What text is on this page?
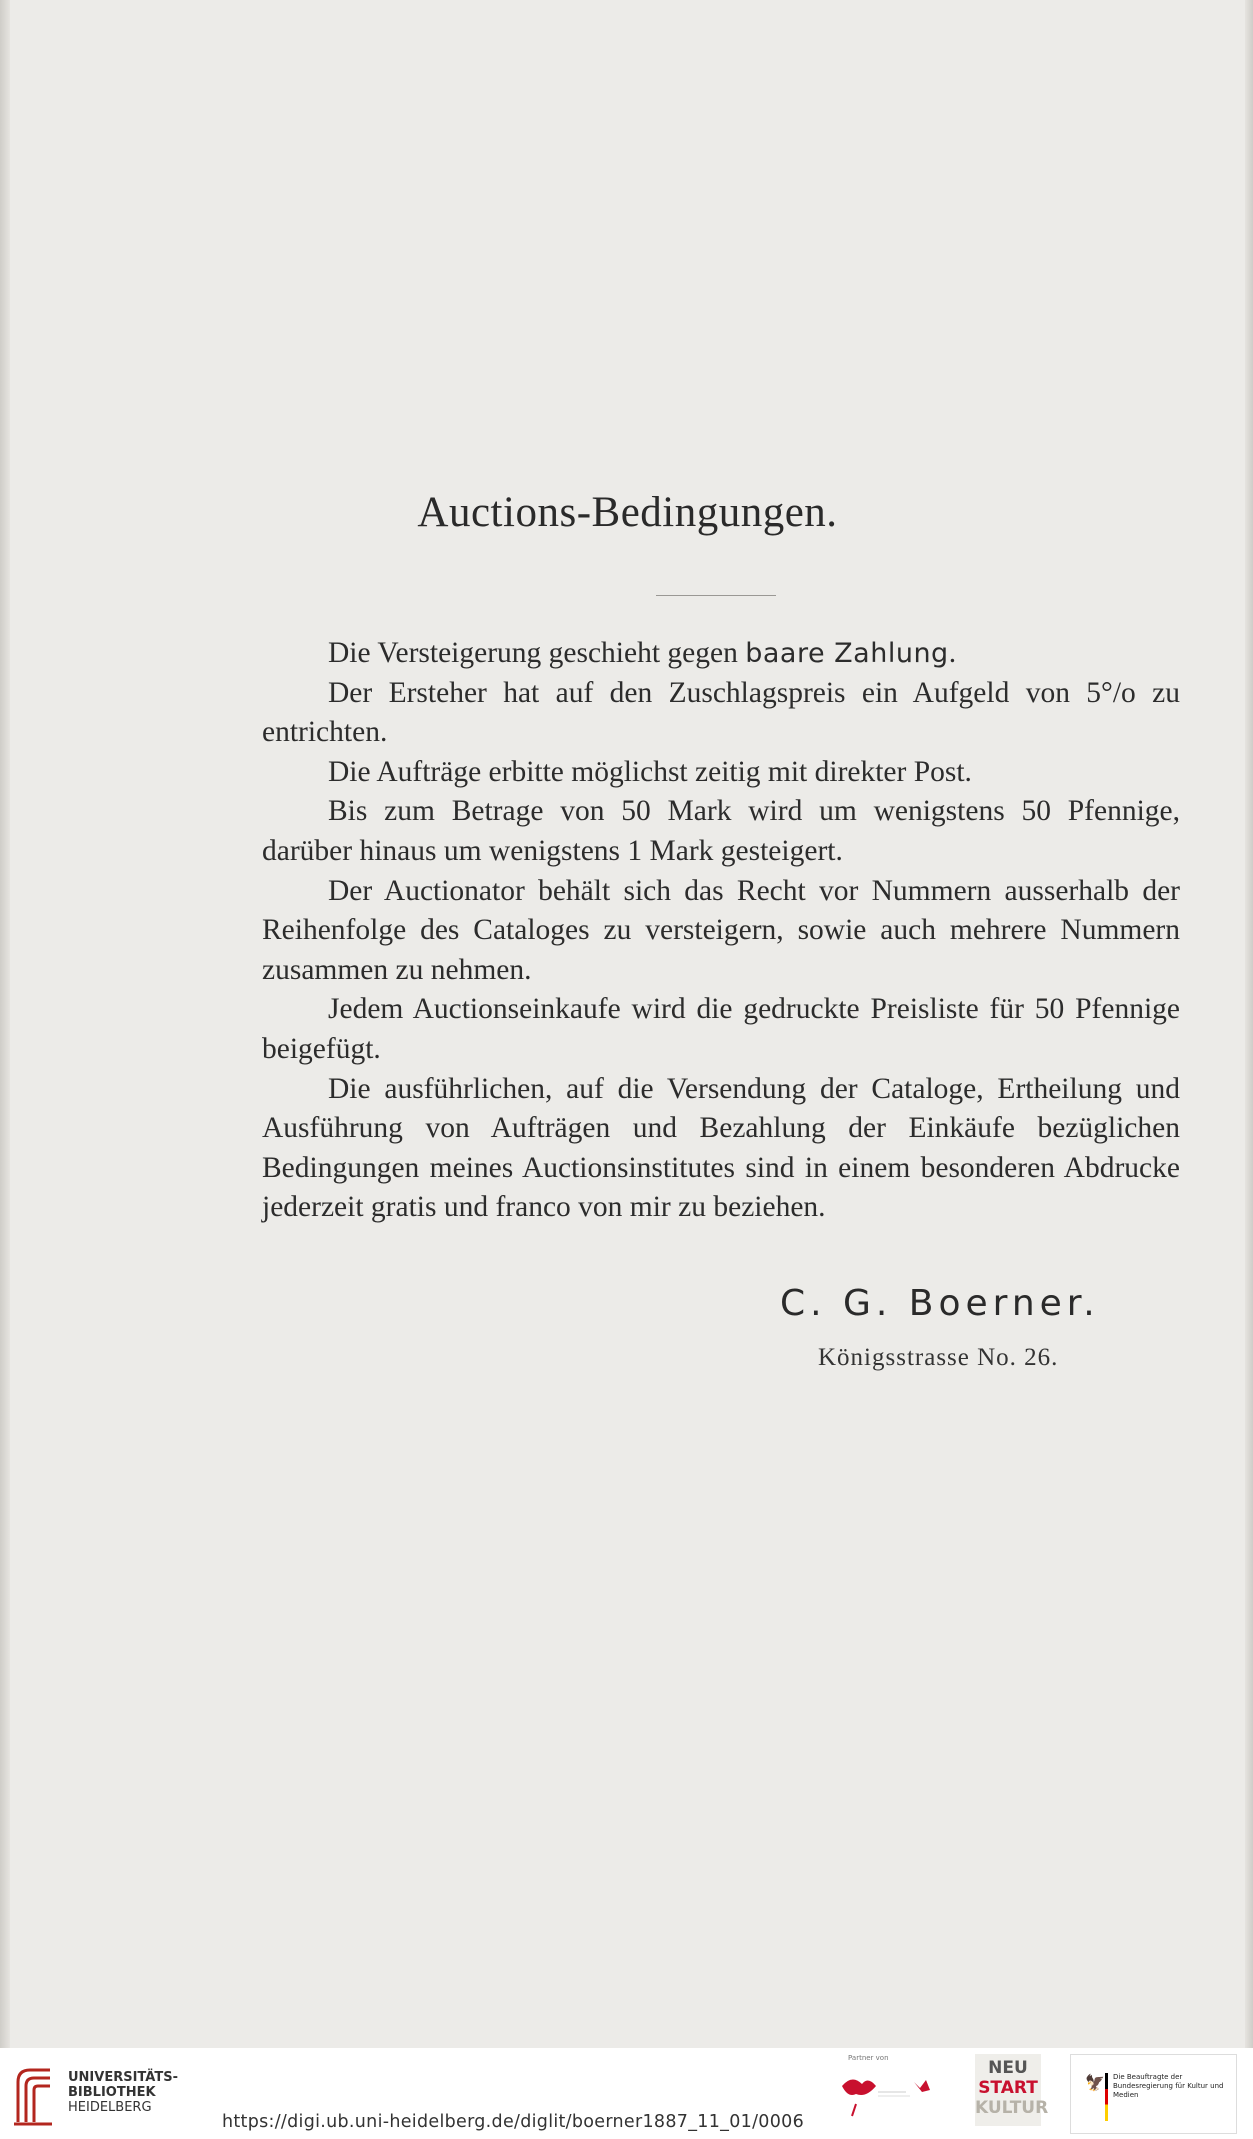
Auctions-Bedingungen.

Die Versteigerung geschieht gegen baare Zahlung.

Der Ersteher hat auf den Zuschlagspreis ein Aufgeld von 5°/o zu entrichten.

Die Aufträge erbitte möglichst zeitig mit direkter Post.

Bis zum Betrage von 50 Mark wird um wenigstens 50 Pfennige, darüber hinaus um wenigstens 1 Mark gesteigert.

Der Auctionator behält sich das Recht vor Nummern ausserhalb der Reihenfolge des Cataloges zu versteigern, sowie auch mehrere Nummern zusammen zu nehmen.

Jedem Auctionseinkaufe wird die gedruckte Preisliste für 50 Pfennige beigefügt.

Die ausführlichen, auf die Versendung der Cataloge, Ertheilung und Ausführung von Aufträgen und Bezahlung der Einkäufe bezüglichen Bedingungen meines Auctionsinstitutes sind in einem besonderen Abdrucke jederzeit gratis und franco von mir zu beziehen.

C. G. Boerner.

Königsstrasse No. 26.
UNIVERSITÄTS-
BIBLIOTHEK
HEIDELBERG
Partner von	NEU
START
KULTUR
🦅 Die Beauftragte der Bundesregierung für Kultur und Medien
https://digi.ub.uni-heidelberg.de/diglit/boerner1887_11_01/0006
